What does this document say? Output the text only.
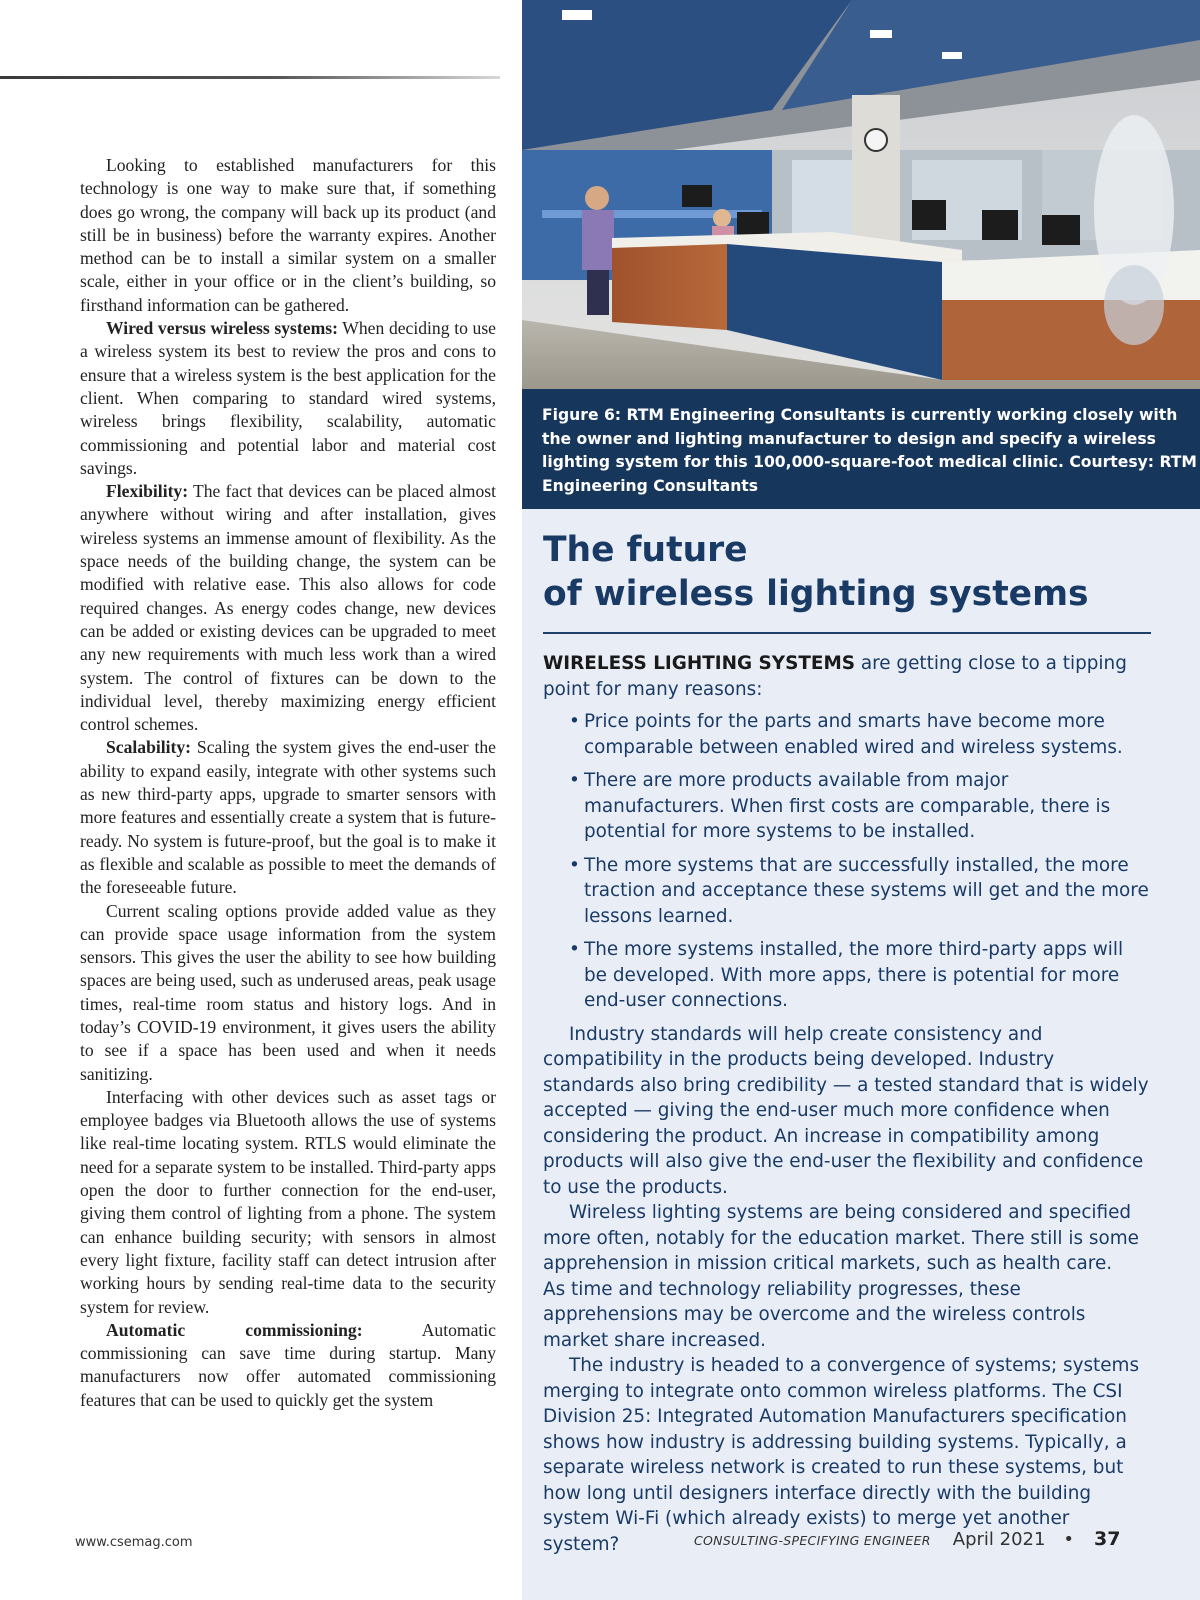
Looking to established manufacturers for this technology is one way to make sure that, if something does go wrong, the company will back up its product (and still be in business) before the warranty expires. Another method can be to install a similar system on a smaller scale, either in your office or in the client’s building, so firsthand information can be gathered.

Wired versus wireless systems: When deciding to use a wireless system its best to review the pros and cons to ensure that a wireless system is the best application for the client. When comparing to standard wired systems, wireless brings flexibility, scalability, automatic commissioning and potential labor and material cost savings.

Flexibility: The fact that devices can be placed almost anywhere without wiring and after installation, gives wireless systems an immense amount of flexibility. As the space needs of the building change, the system can be modified with relative ease. This also allows for code required changes. As energy codes change, new devices can be added or existing devices can be upgraded to meet any new requirements with much less work than a wired system. The control of fixtures can be down to the individual level, thereby maximizing energy efficient control schemes.

Scalability: Scaling the system gives the end-user the ability to expand easily, integrate with other systems such as new third-party apps, upgrade to smarter sensors with more features and essentially create a system that is future-ready. No system is future-proof, but the goal is to make it as flexible and scalable as possible to meet the demands of the foreseeable future.

Current scaling options provide added value as they can provide space usage information from the system sensors. This gives the user the ability to see how building spaces are being used, such as underused areas, peak usage times, real-time room status and history logs. And in today’s COVID-19 environment, it gives users the ability to see if a space has been used and when it needs sanitizing.

Interfacing with other devices such as asset tags or employee badges via Bluetooth allows the use of systems like real-time locating system. RTLS would eliminate the need for a separate system to be installed. Third-party apps open the door to further connection for the end-user, giving them control of lighting from a phone. The system can enhance building security; with sensors in almost every light fixture, facility staff can detect intrusion after working hours by sending real-time data to the security system for review.

Automatic commissioning: Automatic commissioning can save time during startup. Many manufacturers now offer automated commissioning features that can be used to quickly get the system

Figure 6: RTM Engineering Consultants is currently working closely with the owner and lighting manufacturer to design and specify a wireless lighting system for this 100,000-square-foot medical clinic. Courtesy: RTM Engineering Consultants
The future
of wireless lighting systems
WIRELESS LIGHTING SYSTEMS are getting close to a tipping point for many reasons:
• Price points for the parts and smarts have become more comparable between enabled wired and wireless systems.
• There are more products available from major manufacturers. When first costs are comparable, there is potential for more systems to be installed.
• The more systems that are successfully installed, the more traction and acceptance these systems will get and the more lessons learned.
• The more systems installed, the more third-party apps will be developed. With more apps, there is potential for more end-user connections.

Industry standards will help create consistency and compatibility in the products being developed. Industry standards also bring credibility — a tested standard that is widely accepted — giving the end-user much more confidence when considering the product. An increase in compatibility among products will also give the end-user the flexibility and confidence to use the products.

Wireless lighting systems are being considered and specified more often, notably for the education market. There still is some apprehension in mission critical markets, such as health care.
As time and technology reliability progresses, these apprehensions may be overcome and the wireless controls market share increased.

The industry is headed to a convergence of systems; systems merging to integrate onto common wireless platforms. The CSI Division 25: Integrated Automation Manufacturers specification shows how industry is addressing building systems. Typically, a separate wireless network is created to run these systems, but how long until designers interface directly with the building system Wi-Fi (which already exists) to merge yet another system?

www.csemag.com	CONSULTING-SPECIFYING ENGINEER April 2021 • 37
